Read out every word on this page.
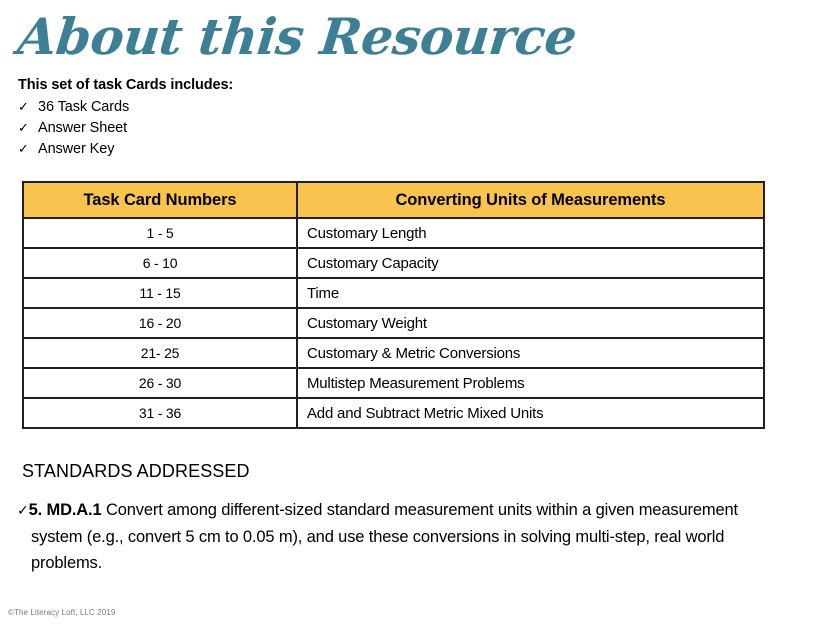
About this Resource

This set of task Cards includes:

✓ 36 Task Cards
✓ Answer Sheet
✓ Answer Key
Task Card Numbers	Converting Units of Measurements
1 - 5	Customary Length
6 - 10	Customary Capacity
11 - 15	Time
16 - 20	Customary Weight
21- 25	Customary & Metric Conversions
26 - 30	Multistep Measurement Problems
31 - 36	Add and Subtract Metric Mixed Units
STANDARDS ADDRESSED
✓5. MD.A.1 Convert among different-sized standard measurement units within a given measurement system (e.g., convert 5 cm to 0.05 m), and use these conversions in solving multi-step, real world problems.
©The Literacy Loft, LLC 2019
